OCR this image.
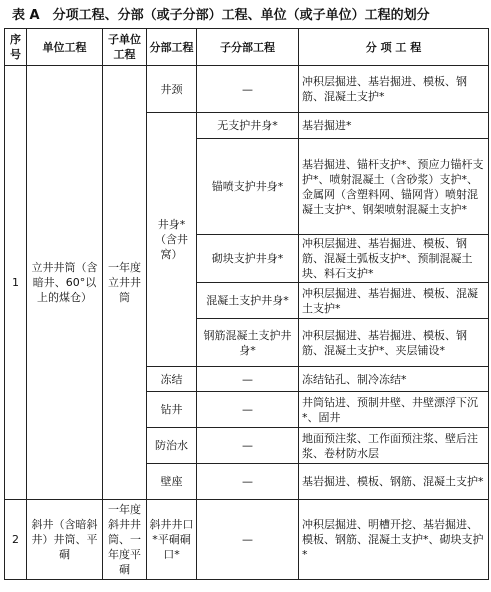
表 A　分项工程、分部（或子分部）工程、单位（或子单位）工程的划分
序号	单位工程	子单位工程	分部工程	子分部工程	分 项 工 程
1	立井井筒（含暗井、60°以上的煤仓）	一年度立井井筒	井颈	—	冲积层掘进、基岩掘进、模板、钢筋、混凝土支护*
			井身*（含井窝）	无支护井身*	基岩掘进*
				锚喷支护井身*	基岩掘进、锚杆支护*、预应力锚杆支护*、喷射混凝土（含砂浆）支护*、金属网（含塑料网、锚网背）喷射混凝土支护*、钢架喷射混凝土支护*
				砌块支护井身*	冲积层掘进、基岩掘进、模板、钢筋、混凝土弧板支护*、预制混凝土块、料石支护*
				混凝土支护井身*	冲积层掘进、基岩掘进、模板、混凝土支护*
				钢筋混凝土支护井身*	冲积层掘进、基岩掘进、模板、钢筋、混凝土支护*、夹层铺设*
			冻结	—	冻结钻孔、制冷冻结*
			钻井	—	井筒钻进、预制井壁、井壁漂浮下沉*、固井
			防治水	—	地面预注浆、工作面预注浆、壁后注浆、卷材防水层
			壁座	—	基岩掘进、模板、钢筋、混凝土支护*
2	斜井（含暗斜井）井筒、平硐	一年度斜井井筒、一年度平硐	斜井井口*平硐硐口*	—	冲积层掘进、明槽开挖、基岩掘进、模板、钢筋、混凝土支护*、砌块支护*
